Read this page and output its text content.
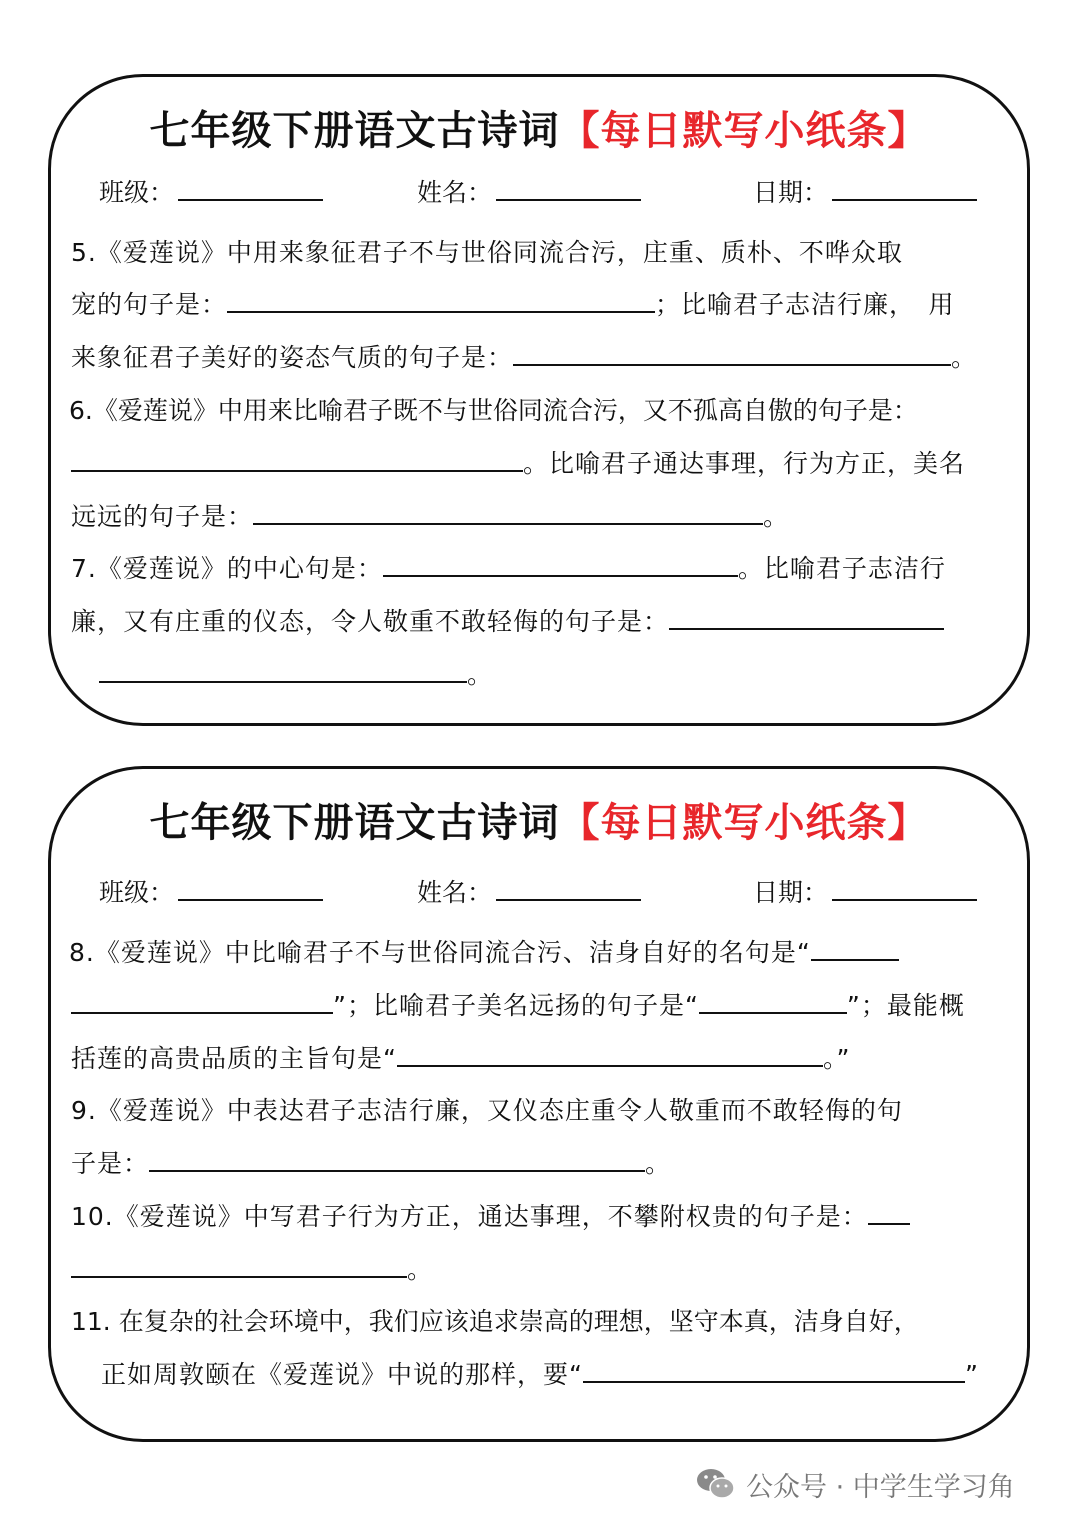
七年级下册语文古诗词【每日默写小纸条】
班级：	姓名：	日期：
5.《爱莲说》中用来象征君子不与世俗同流合污，庄重、质朴、不哗众取
宠的句子是：	；比喻君子志洁行廉，　用
来象征君子美好的姿态气质的句子是：	。
6.《爱莲说》中用来比喻君子既不与世俗同流合污，又不孤高自傲的句子是：
。比喻君子通达事理，行为方正，美名
远远的句子是：	。
7.《爱莲说》的中心句是：	。比喻君子志洁行
廉，又有庄重的仪态，令人敬重不敢轻侮的句子是：
。
七年级下册语文古诗词【每日默写小纸条】
班级：	姓名：	日期：
8.《爱莲说》中比喻君子不与世俗同流合污、洁身自好的名句是“
”；比喻君子美名远扬的句子是“	”；最能概
括莲的高贵品质的主旨句是“	。”
9.《爱莲说》中表达君子志洁行廉，又仪态庄重令人敬重而不敢轻侮的句
子是：	。
10.《爱莲说》中写君子行为方正，通达事理，不攀附权贵的句子是：
。
11. 在复杂的社会环境中，我们应该追求崇高的理想，坚守本真，洁身自好，
正如周敦颐在《爱莲说》中说的那样，要“	”
公众号 · 中学生学习角
